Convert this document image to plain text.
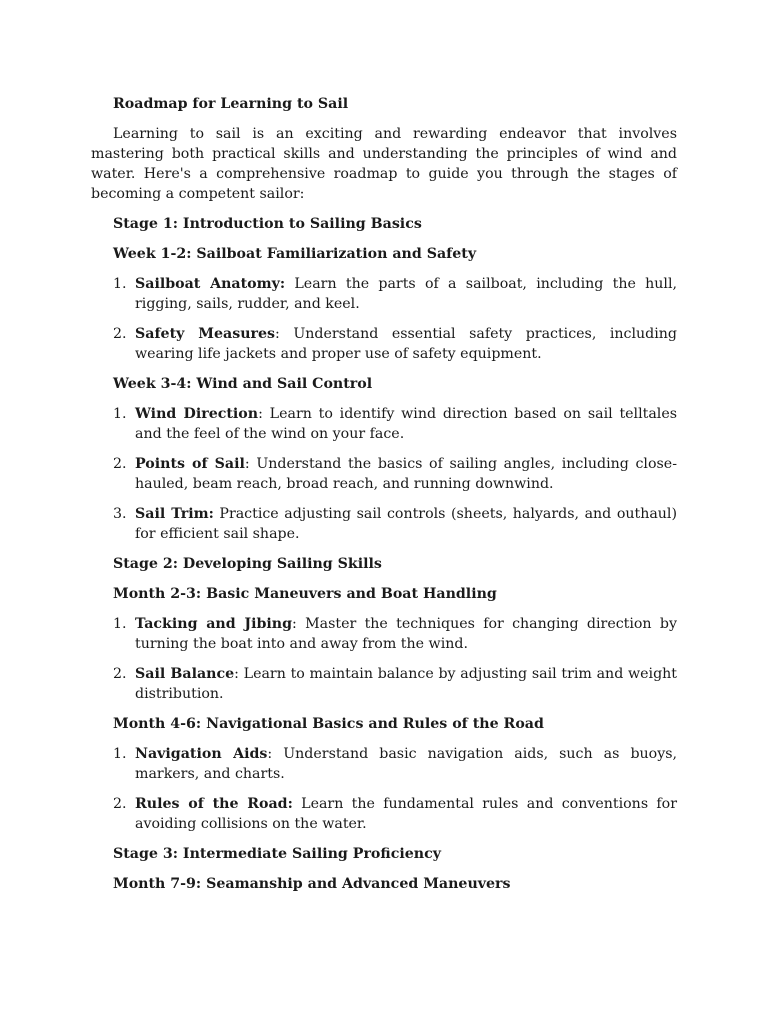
Roadmap for Learning to Sail

Learning to sail is an exciting and rewarding endeavor that involves mastering both practical skills and understanding the principles of wind and water. Here's a comprehensive roadmap to guide you through the stages of becoming a competent sailor:

Stage 1: Introduction to Sailing Basics
Week 1-2: Sailboat Familiarization and Safety
1. Sailboat Anatomy: Learn the parts of a sailboat, including the hull, rigging, sails, rudder, and keel.
2. Safety Measures: Understand essential safety practices, including wearing life jackets and proper use of safety equipment.
Week 3-4: Wind and Sail Control
1. Wind Direction: Learn to identify wind direction based on sail telltales and the feel of the wind on your face.
2. Points of Sail: Understand the basics of sailing angles, including close-hauled, beam reach, broad reach, and running downwind.
3. Sail Trim: Practice adjusting sail controls (sheets, halyards, and outhaul) for efficient sail shape.
Stage 2: Developing Sailing Skills
Month 2-3: Basic Maneuvers and Boat Handling
1. Tacking and Jibing: Master the techniques for changing direction by turning the boat into and away from the wind.
2. Sail Balance: Learn to maintain balance by adjusting sail trim and weight distribution.
Month 4-6: Navigational Basics and Rules of the Road
1. Navigation Aids: Understand basic navigation aids, such as buoys, markers, and charts.
2. Rules of the Road: Learn the fundamental rules and conventions for avoiding collisions on the water.
Stage 3: Intermediate Sailing Proficiency
Month 7-9: Seamanship and Advanced Maneuvers
